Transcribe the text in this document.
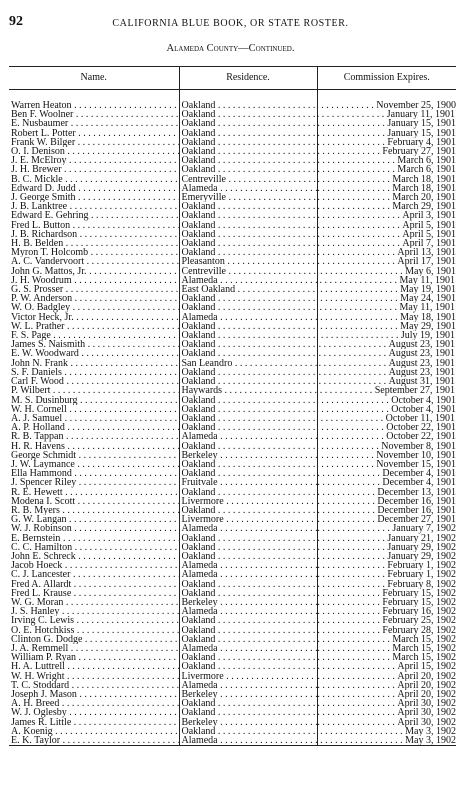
92	CALIFORNIA BLUE BOOK, OR STATE ROSTER.
Alameda County—Continued.
Name.	Residence.	Commission Expires.

Warren Heaton . . .	Oakland . . .	November 25, 1900 . . .
Ben F. Woolner . . .	Oakland . . .	January 11, 1901 . . .
E. Nusbaumer . . .	Oakland . . .	January 15, 1901 . . .
Robert L. Potter . . .	Oakland . . .	January 15, 1901 . . .
Frank W. Bilger . . .	Oakland . . .	February 4, 1901 . . .
O. I. Denison . . .	Oakland . . .	February 27, 1901 . . .
J. E. McElroy . . .	Oakland . . .	March 6, 1901 . . .
J. H. Brewer . . .	Oakland . . .	March 6, 1901 . . .
B. C. Mickle . . .	Centreville . . .	March 18, 1901 . . .
Edward D. Judd . . .	Alameda . . .	March 18, 1901 . . .
J. George Smith . . .	Emeryville . . .	March 20, 1901 . . .
J. B. Lanktree . . .	Oakland . . .	March 29, 1901 . . .
Edward E. Gehring . . .	Oakland . . .	April 3, 1901 . . .
Fred L. Button . . .	Oakland . . .	April 5, 1901 . . .
J. B. Richardson . . .	Oakland . . .	April 5, 1901 . . .
H. B. Belden . . .	Oakland . . .	April 7, 1901 . . .
Myron T. Holcomb . . .	Oakland . . .	April 13, 1901 . . .
A. C. Vandervoort . . .	Pleasanton . . .	April 17, 1901 . . .
John G. Mattos, Jr. . . .	Centreville . . .	May 6, 1901 . . .
J. H. Woodrum . . .	Alameda . . .	May 11, 1901 . . .
G. S. Prosser . . .	East Oakland . . .	May 19, 1901 . . .
P. W. Anderson . . .	Oakland . . .	May 24, 1901 . . .
W. O. Badgley . . .	Oakland . . .	May 11, 1901 . . .
Victor Heck, Jr. . . .	Alameda . . .	May 18, 1901 . . .
W. L. Prather . . .	Oakland . . .	May 29, 1901 . . .
F. S. Page . . .	Oakland . . .	July 19, 1901 . . .
James S. Naismith . . .	Oakland . . .	August 23, 1901 . . .
E. W. Woodward . . .	Oakland . . .	August 23, 1901 . . .
John N. Frank . . .	San Leandro . . .	August 23, 1901 . . .
S. F. Daniels . . .	Oakland . . .	August 23, 1901 . . .
Carl F. Wood . . .	Oakland . . .	August 31, 1901 . . .
P. Wilbert . . .	Haywards . . .	September 27, 1901 . . .
M. S. Dusinburg . . .	Oakland . . .	October 4, 1901 . . .
W. H. Cornell . . .	Oakland . . .	October 4, 1901 . . .
A. J. Samuel . . .	Oakland . . .	October 11, 1901 . . .
A. P. Holland . . .	Oakland . . .	October 22, 1901 . . .
R. B. Tappan . . .	Alameda . . .	October 22, 1901 . . .
H. R. Havens . . .	Oakland . . .	November 8, 1901 . . .
George Schmidt . . .	Berkeley . . .	November 10, 1901 . . .
J. W. Laymance . . .	Oakland . . .	November 15, 1901 . . .
Ella Hammond . . .	Oakland . . .	December 4, 1901 . . .
J. Spencer Riley . . .	Fruitvale . . .	December 4, 1901 . . .
R. E. Hewett . . .	Oakland . . .	December 13, 1901 . . .
Modena I. Scott . . .	Livermore . . .	December 16, 1901 . . .
R. B. Myers . . .	Oakland . . .	December 16, 1901 . . .
G. W. Langan . . .	Livermore . . .	December 27, 1901 . . .
W. J. Robinson . . .	Alameda . . .	January 7, 1902 . . .
E. Bernstein . . .	Oakland . . .	January 21, 1902 . . .
C. C. Hamilton . . .	Oakland . . .	January 29, 1902 . . .
John E. Schreck . . .	Oakland . . .	January 29, 1902 . . .
Jacob Hoeck . . .	Alameda . . .	February 1, 1902 . . .
C. J. Lancester . . .	Alameda . . .	February 1, 1902 . . .
Fred A. Allardt . . .	Oakland . . .	February 8, 1902 . . .
Fred L. Krause . . .	Oakland . . .	February 15, 1902 . . .
W. G. Moran . . .	Berkeley . . .	February 15, 1902 . . .
J. S. Hanley . . .	Alameda . . .	February 16, 1902 . . .
Irving C. Lewis . . .	Oakland . . .	February 25, 1902 . . .
O. E. Hotchkiss . . .	Oakland . . .	February 28, 1902 . . .
Clinton G. Dodge . . .	Oakland . . .	March 15, 1902 . . .
J. A. Remmell . . .	Alameda . . .	March 15, 1902 . . .
William P. Ryan . . .	Oakland . . .	March 15, 1902 . . .
H. A. Luttrell . . .	Oakland . . .	April 15, 1902 . . .
W. H. Wright . . .	Livermore . . .	April 20, 1902 . . .
T. C. Stoddard . . .	Alameda . . .	April 20, 1902 . . .
Joseph J. Mason . . .	Berkeley . . .	April 20, 1902 . . .
A. H. Breed . . .	Oakland . . .	April 30, 1902 . . .
W. J. Oglesby . . .	Oakland . . .	April 30, 1902 . . .
James R. Little . . .	Berkeley . . .	April 30, 1902 . . .
A. Koenig . . .	Oakland . . .	May 3, 1902 . . .
E. K. Taylor . . .	Alameda . . .	May 3, 1902 . . .
